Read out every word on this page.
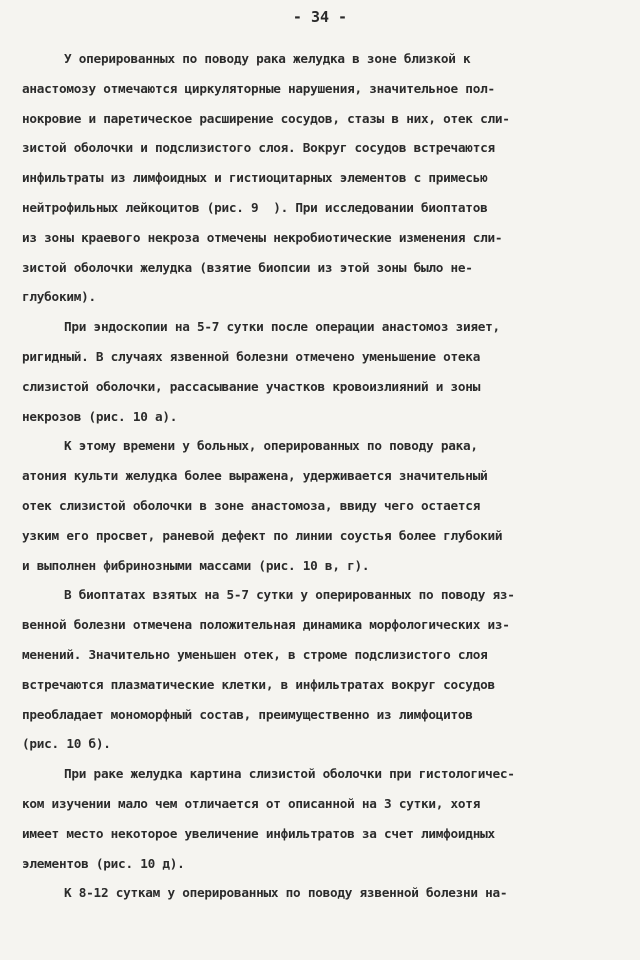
- 34 -
У оперированных по поводу рака желудка в зоне близкой к
анастомозу отмечаются циркуляторные нарушения, значительное пол-
нокровие и паретическое расширение сосудов, стазы в них, отек сли-
зистой оболочки и подслизистого слоя. Вокруг сосудов встречаются
инфильтраты из лимфоидных и гистиоцитарных элементов с примесью
нейтрофильных лейкоцитов (рис. 9  ). При исследовании биоптатов
из зоны краевого некроза отмечены некробиотические изменения сли-
зистой оболочки желудка (взятие биопсии из этой зоны было не-
глубоким).
При эндоскопии на 5-7 сутки после операции анастомоз зияет,
ригидный. В случаях язвенной болезни отмечено уменьшение отека
слизистой оболочки, рассасывание участков кровоизлияний и зоны
некрозов (рис. 10 а).
К этому времени у больных, оперированных по поводу рака,
атония культи желудка более выражена, удерживается значительный
отек слизистой оболочки в зоне анастомоза, ввиду чего остается
узким его просвет, раневой дефект по линии соустья более глубокий
и выполнен фибринозными массами (рис. 10 в, г).
В биоптатах взятых на 5-7 сутки у оперированных по поводу яз-
венной болезни отмечена положительная динамика морфологических из-
менений. Значительно уменьшен отек, в строме подслизистого слоя
встречаются плазматические клетки, в инфильтратах вокруг сосудов
преобладает мономорфный состав, преимущественно из лимфоцитов
(рис. 10 б).
При раке желудка картина слизистой оболочки при гистологичес-
ком изучении мало чем отличается от описанной на 3 сутки, хотя
имеет место некоторое увеличение инфильтратов за счет лимфоидных
элементов (рис. 10 д).
К 8-12 суткам у оперированных по поводу язвенной болезни на-
